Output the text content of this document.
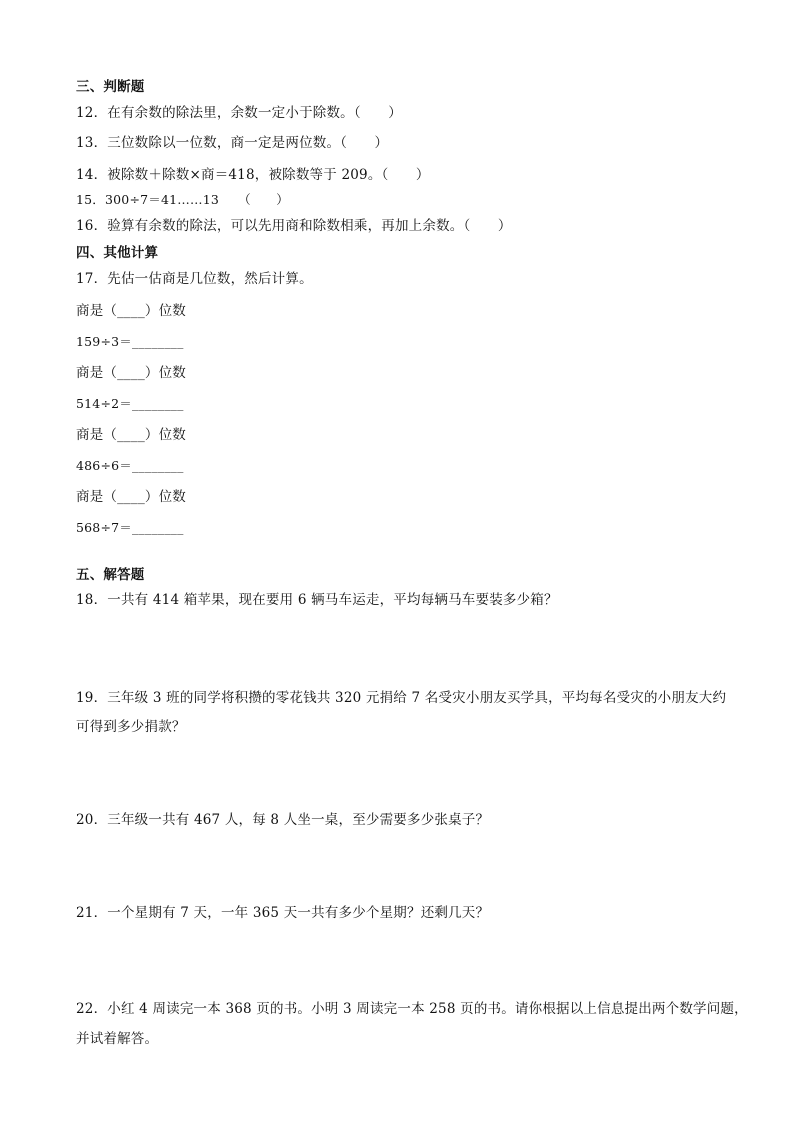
三、判断题
12．在有余数的除法里，余数一定小于除数。（　　）
13．三位数除以一位数，商一定是两位数。（　　）
14．被除数＋除数×商＝418，被除数等于 209。（　　）
15．300÷7＝41……13　　（　　）
16．验算有余数的除法，可以先用商和除数相乘，再加上余数。（　　）
四、其他计算
17．先估一估商是几位数，然后计算。
商是（____）位数
159÷3＝________
商是（____）位数
514÷2＝________
商是（____）位数
486÷6＝________
商是（____）位数
568÷7＝________
五、解答题
18．一共有 414 箱苹果，现在要用 6 辆马车运走，平均每辆马车要装多少箱？
19．三年级 3 班的同学将积攒的零花钱共 320 元捐给 7 名受灾小朋友买学具，平均每名受灾的小朋友大约
可得到多少捐款？
20．三年级一共有 467 人，每 8 人坐一桌，至少需要多少张桌子？
21．一个星期有 7 天，一年 365 天一共有多少个星期？还剩几天？
22．小红 4 周读完一本 368 页的书。小明 3 周读完一本 258 页的书。请你根据以上信息提出两个数学问题，
并试着解答。
